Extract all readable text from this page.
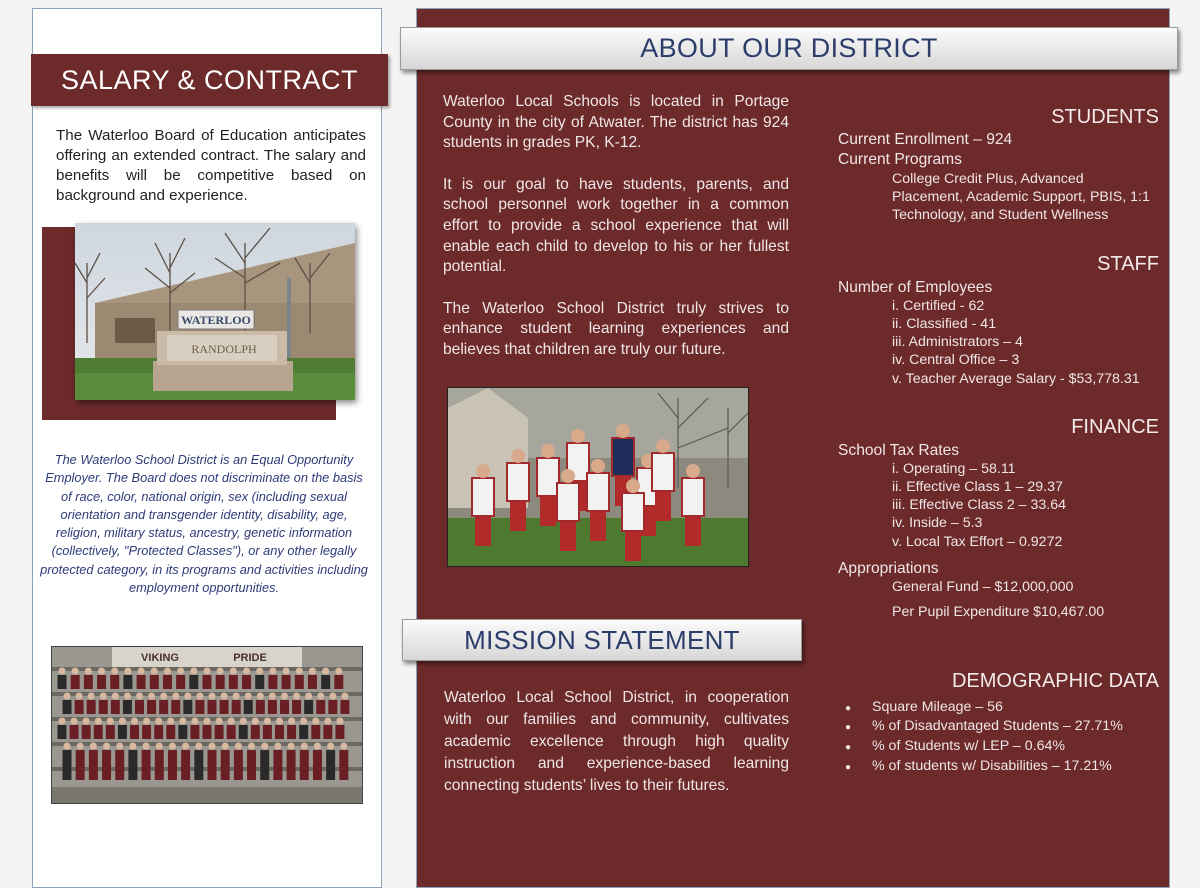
SALARY & CONTRACT
The Waterloo Board of Education anticipates offering an extended contract. The salary and benefits will be competitive based on background and experience.
WATERLOO
RANDOLPH
The Waterloo School District is an Equal Opportunity Employer. The Board does not discriminate on the basis of race, color, national origin, sex (including sexual orientation and transgender identity, disability, age, religion, military status, ancestry, genetic information (collectively, "Protected Classes"), or any other legally protected category, in its programs and activities including employment opportunities.
VIKING	PRIDE
ABOUT OUR DISTRICT

Waterloo Local Schools is located in Portage County in the city of Atwater. The district has 924 students in grades PK, K-12.

It is our goal to have students, parents, and school personnel work together in a common effort to provide a school experience that will enable each child to develop to his or her fullest potential.

The Waterloo School District truly strives to enhance student learning experiences and believes that children are truly our future.

MISSION STATEMENT
Waterloo Local School District, in cooperation with our families and community, cultivates academic excellence through high quality instruction and experience-based learning connecting students’ lives to their futures.
STUDENTS
Current Enrollment – 924
Current Programs
College Credit Plus, Advanced
Placement, Academic Support, PBIS, 1:1
Technology, and Student Wellness
STAFF
Number of Employees
i. Certified - 62
ii. Classified - 41
iii. Administrators – 4
iv. Central Office – 3
v. Teacher Average Salary - $53,778.31
FINANCE
School Tax Rates
i. Operating – 58.11
ii. Effective Class 1 – 29.37
iii. Effective Class 2 – 33.64
iv. Inside – 5.3
v. Local Tax Effort – 0.9272
Appropriations
General Fund – $12,000,000
Per Pupil Expenditure $10,467.00
DEMOGRAPHIC DATA
● Square Mileage – 56
● % of Disadvantaged Students – 27.71%
● % of Students w/ LEP – 0.64%
● % of students w/ Disabilities – 17.21%
